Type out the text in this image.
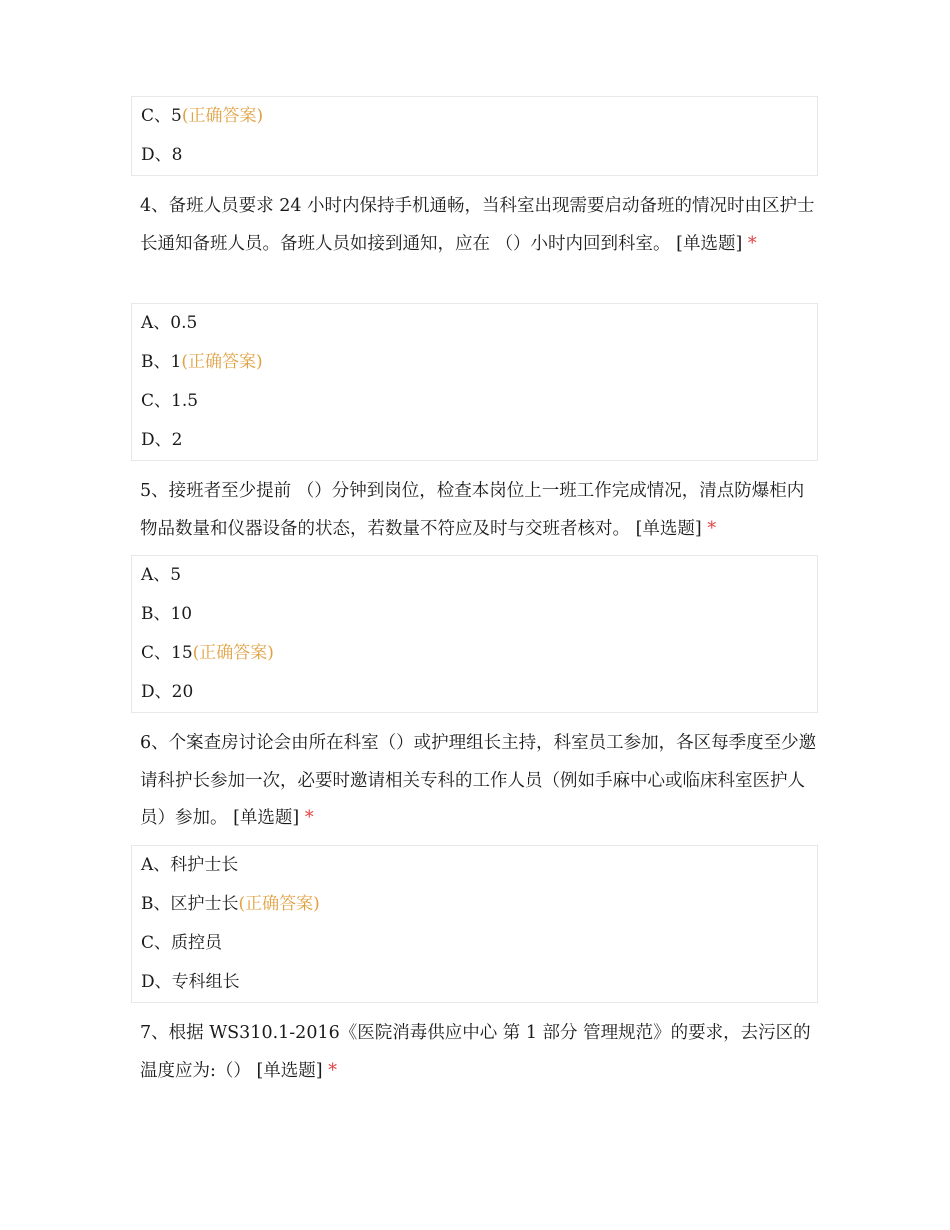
C、5(正确答案)
D、8
4、备班人员要求 24 小时内保持手机通畅，当科室出现需要启动备班的情况时由区护士长通知备班人员。备班人员如接到通知，应在 （）小时内回到科室。 [单选题] *
A、0.5
B、1(正确答案)
C、1.5
D、2
5、接班者至少提前 （）分钟到岗位，检查本岗位上一班工作完成情况，清点防爆柜内物品数量和仪器设备的状态，若数量不符应及时与交班者核对。 [单选题] *
A、5
B、10
C、15(正确答案)
D、20
6、个案查房讨论会由所在科室（）或护理组长主持，科室员工参加，各区每季度至少邀请科护长参加一次，必要时邀请相关专科的工作人员（例如手麻中心或临床科室医护人员）参加。 [单选题] *
A、科护士长
B、区护士长(正确答案)
C、质控员
D、专科组长
7、根据 WS310.1-2016《医院消毒供应中心 第 1 部分 管理规范》的要求，去污区的温度应为:（） [单选题] *
